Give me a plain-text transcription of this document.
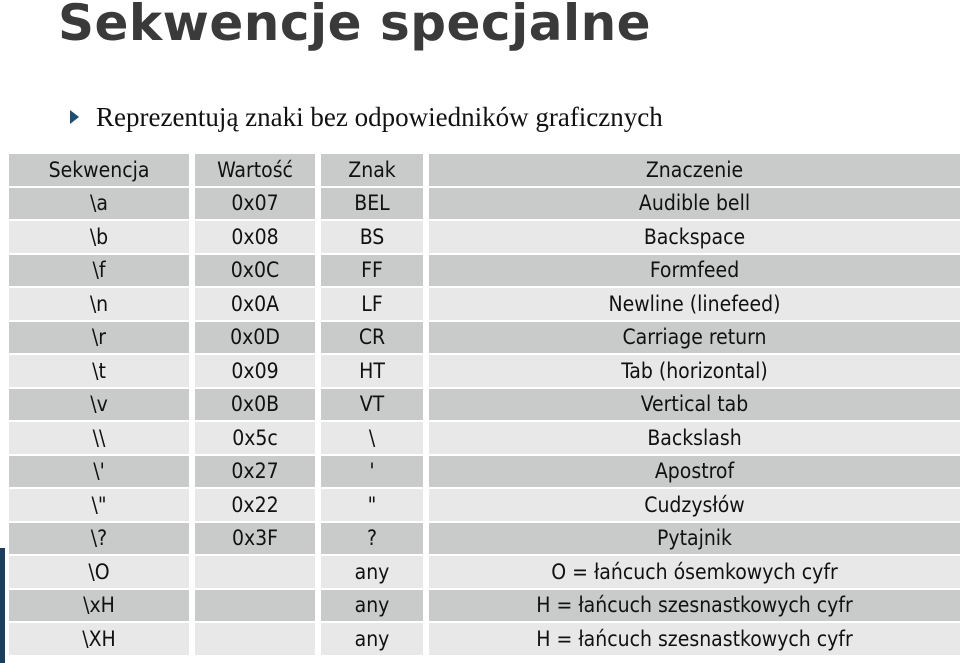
Sekwencje specjalne
Reprezentują znaki bez odpowiedników graficznych
Sekwencja	Wartość	Znak	Znaczenie
\a	0x07	BEL	Audible bell
\b	0x08	BS	Backspace
\f	0x0C	FF	Formfeed
\n	0x0A	LF	Newline (linefeed)
\r	0x0D	CR	Carriage return
\t	0x09	HT	Tab (horizontal)
\v	0x0B	VT	Vertical tab
\\	0x5c	\	Backslash
\'	0x27	'	Apostrof
\"	0x22	"	Cudzysłów
\?	0x3F	?	Pytajnik
\O		any	O = łańcuch ósemkowych cyfr
\xH		any	H = łańcuch szesnastkowych cyfr
\XH		any	H = łańcuch szesnastkowych cyfr
